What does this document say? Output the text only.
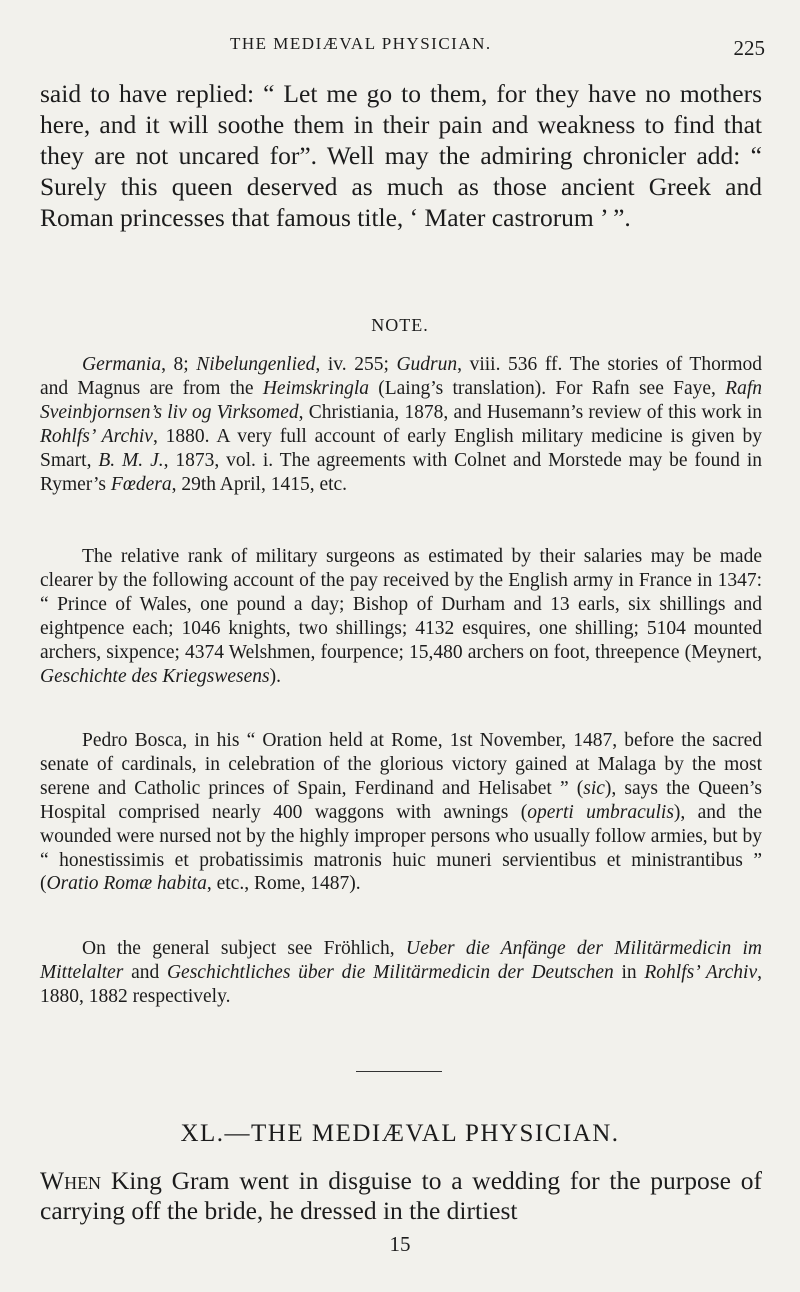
THE MEDIÆVAL PHYSICIAN.	225

said to have replied: “ Let me go to them, for they have no mothers here, and it will soothe them in their pain and weakness to find that they are not uncared for”. Well may the admiring chronicler add: “ Surely this queen deserved as much as those ancient Greek and Roman princesses that famous title, ‘ Mater castrorum ’ ”.

NOTE.

Germania, 8; Nibelungenlied, iv. 255; Gudrun, viii. 536 ff. The stories of Thormod and Magnus are from the Heimskringla (Laing’s translation). For Rafn see Faye, Rafn Sveinbjornsen’s liv og Virksomed, Christiania, 1878, and Husemann’s review of this work in Rohlfs’ Archiv, 1880. A very full account of early English military medicine is given by Smart, B. M. J., 1873, vol. i. The agreements with Colnet and Morstede may be found in Rymer’s Fœdera, 29th April, 1415, etc.

The relative rank of military surgeons as estimated by their salaries may be made clearer by the following account of the pay received by the English army in France in 1347: “ Prince of Wales, one pound a day; Bishop of Durham and 13 earls, six shillings and eightpence each; 1046 knights, two shillings; 4132 esquires, one shilling; 5104 mounted archers, sixpence; 4374 Welshmen, fourpence; 15,480 archers on foot, threepence (Meynert, Geschichte des Kriegswesens).

Pedro Bosca, in his “ Oration held at Rome, 1st November, 1487, before the sacred senate of cardinals, in celebration of the glorious victory gained at Malaga by the most serene and Catholic princes of Spain, Ferdinand and Helisabet ” (sic), says the Queen’s Hospital comprised nearly 400 waggons with awnings (operti umbraculis), and the wounded were nursed not by the highly improper persons who usually follow armies, but by “ honestissimis et probatissimis matronis huic muneri servientibus et ministrantibus ” (Oratio Romæ habita, etc., Rome, 1487).

On the general subject see Fröhlich, Ueber die Anfänge der Militärmedicin im Mittelalter and Geschichtliches über die Militärmedicin der Deutschen in Rohlfs’ Archiv, 1880, 1882 respectively.

XL.—THE MEDIÆVAL PHYSICIAN.

When King Gram went in disguise to a wedding for the purpose of carrying off the bride, he dressed in the dirtiest

15
